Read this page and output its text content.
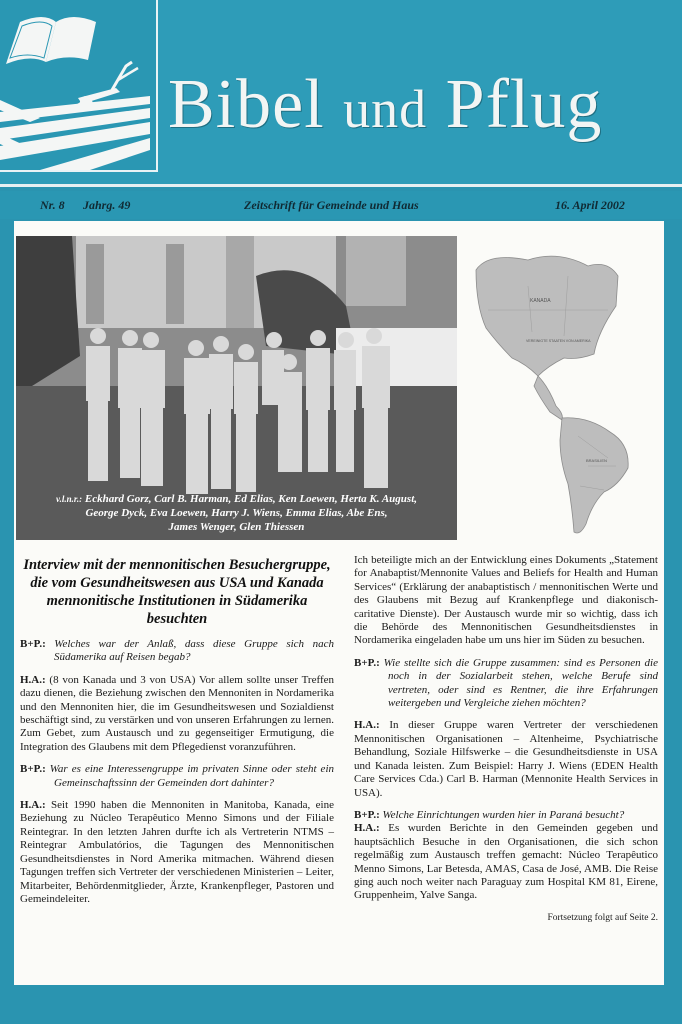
Bibel und Pflug
Nr. 8 Jahrg. 49	Zeitschrift für Gemeinde und Haus	16. April 2002
v.l.n.r.: Eckhard Gorz, Carl B. Harman, Ed Elias, Ken Loewen, Herta K. August,
George Dyck, Eva Loewen, Harry J. Wiens, Emma Elias, Abe Ens,
James Wenger, Glen Thiessen
KANADA
VEREINIGTE STAATEN VON AMERIKA
BRASILIEN

Interview mit der mennonitischen Besuchergruppe, die vom Gesundheitswesen aus USA und Kanada mennonitische Institutionen in Südamerika besuchten

B+P.: Welches war der Anlaß, dass diese Gruppe sich nach Südamerika auf Reisen begab?

H.A.: (8 von Kanada und 3 von USA) Vor allem sollte unser Treffen dazu dienen, die Beziehung zwischen den Mennoniten in Nordamerika und den Mennoniten hier, die im Gesundheitswesen und Sozialdienst beschäftigt sind, zu verstärken und von unseren Erfahrungen zu lernen. Zum Gebet, zum Austausch und zu gegenseitiger Ermutigung, die Integration des Glaubens mit dem Pflegedienst voranzuführen.

B+P.: War es eine Interessengruppe im privaten Sinne oder steht ein Gemeinschaftssinn der Gemeinden dort dahinter?

H.A.: Seit 1990 haben die Mennoniten in Manitoba, Kanada, eine Beziehung zu Núcleo Terapêutico Menno Simons und der Filiale Reintegrar. In den letzten Jahren durfte ich als Vertreterin NTMS – Reintegrar Ambulatórios, die Tagungen des Mennonitischen Gesundheitsdienstes in Nord Amerika mitmachen. Während diesen Tagungen treffen sich Vertreter der verschiedenen Ministerien – Leiter, Mitarbeiter, Behördenmitglieder, Ärzte, Krankenpfleger, Pastoren und Gemeindeleiter.

Ich beteiligte mich an der Entwicklung eines Dokuments „Statement for Anabaptist/Mennonite Values and Beliefs for Health and Human Services“ (Erklärung der anabaptistisch / mennonitischen Werte und des Glaubens mit Bezug auf Krankenpflege und diakonisch-caritative Dienste). Der Austausch wurde mir so wichtig, dass ich die Behörde des Mennonitischen Gesundheitsdienstes in Nordamerika eingeladen habe um uns hier im Süden zu besuchen.

B+P.: Wie stellte sich die Gruppe zusammen: sind es Personen die noch in der Sozialarbeit stehen, welche Berufe sind vertreten, oder sind es Rentner, die ihre Erfahrungen weitergeben und Vergleiche ziehen möchten?

H.A.: In dieser Gruppe waren Vertreter der verschiedenen Mennonitischen Organisationen – Altenheime, Psychiatrische Behandlung, Soziale Hilfswerke – die Gesundheitsdienste in USA und Kanada leisten. Zum Beispiel: Harry J. Wiens (EDEN Health Care Services Cda.) Carl B. Harman (Mennonite Health Services in USA).

B+P.: Welche Einrichtungen wurden hier in Paraná besucht?

H.A.: Es wurden Berichte in den Gemeinden gegeben und hauptsächlich Besuche in den Organisationen, die sich schon regelmäßig zum Austausch treffen gemacht: Núcleo Terapêutico Menno Simons, Lar Betesda, AMAS, Casa de José, AMB. Die Reise ging auch noch weiter nach Paraguay zum Hospital KM 81, Eirene, Gruppenheim, Yalve Sanga.

Fortsetzung folgt auf Seite 2.
